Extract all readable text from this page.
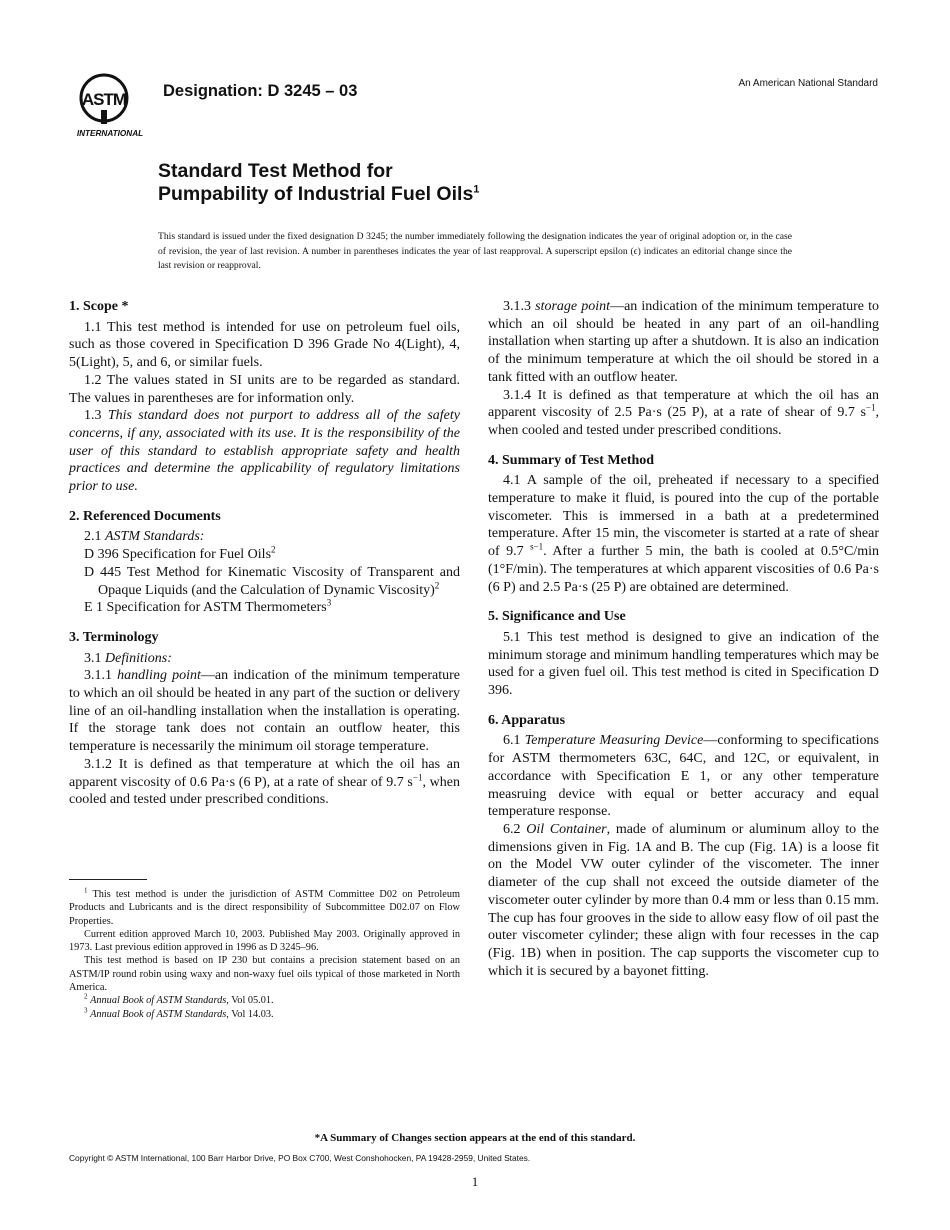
ASTM
INTERNATIONAL
Designation: D 3245 – 03	An American National Standard
Standard Test Method for
Pumpability of Industrial Fuel Oils$^1$
This standard is issued under the fixed designation D 3245; the number immediately following the designation indicates the year of original adoption or, in the case of revision, the year of last revision. A number in parentheses indicates the year of last reapproval. A superscript epsilon (ϵ) indicates an editorial change since the last revision or reapproval.
1. Scope *

1.1 This test method is intended for use on petroleum fuel oils, such as those covered in Specification D 396 Grade No 4(Light), 4, 5(Light), 5, and 6, or similar fuels.

1.2 The values stated in SI units are to be regarded as standard. The values in parentheses are for information only.

1.3 This standard does not purport to address all of the safety concerns, if any, associated with its use. It is the responsibility of the user of this standard to establish appropriate safety and health practices and determine the applicability of regulatory limitations prior to use.

2. Referenced Documents

2.1 ASTM Standards:

D 396 Specification for Fuel Oils$^2$

D 445 Test Method for Kinematic Viscosity of Transparent and Opaque Liquids (and the Calculation of Dynamic Viscosity)$^2$

E 1 Specification for ASTM Thermometers$^3$

3. Terminology

3.1 Definitions:

3.1.1 handling point—an indication of the minimum temperature to which an oil should be heated in any part of the suction or delivery line of an oil-handling installation when the installation is operating. If the storage tank does not contain an outflow heater, this temperature is necessarily the minimum oil storage temperature.

3.1.2 It is defined as that temperature at which the oil has an apparent viscosity of 0.6 Pa·s (6 P), at a rate of shear of 9.7 $s^{-1}$, when cooled and tested under prescribed conditions.

$^1$ This test method is under the jurisdiction of ASTM Committee D02 on Petroleum Products and Lubricants and is the direct responsibility of Subcommittee D02.07 on Flow Properties.

Current edition approved March 10, 2003. Published May 2003. Originally approved in 1973. Last previous edition approved in 1996 as D 3245–96.

This test method is based on IP 230 but contains a precision statement based on an ASTM/IP round robin using waxy and non-waxy fuel oils typical of those marketed in North America.

$^2$ Annual Book of ASTM Standards, Vol 05.01.

$^3$ Annual Book of ASTM Standards, Vol 14.03.

3.1.3 storage point—an indication of the minimum temperature to which an oil should be heated in any part of an oil-handling installation when starting up after a shutdown. It is also an indication of the minimum temperature at which the oil should be stored in a tank fitted with an outflow heater.

3.1.4 It is defined as that temperature at which the oil has an apparent viscosity of 2.5 Pa·s (25 P), at a rate of shear of 9.7 $s^{-1}$, when cooled and tested under prescribed conditions.

4. Summary of Test Method

4.1 A sample of the oil, preheated if necessary to a specified temperature to make it fluid, is poured into the cup of the portable viscometer. This is immersed in a bath at a predetermined temperature. After 15 min, the viscometer is started at a rate of shear of 9.7 $^{s-1}$. After a further 5 min, the bath is cooled at 0.5°C/min (1°F/min). The temperatures at which apparent viscosities of 0.6 Pa·s (6 P) and 2.5 Pa·s (25 P) are obtained are determined.

5. Significance and Use

5.1 This test method is designed to give an indication of the minimum storage and minimum handling temperatures which may be used for a given fuel oil. This test method is cited in Specification D 396.

6. Apparatus

6.1 Temperature Measuring Device—conforming to specifications for ASTM thermometers 63C, 64C, and 12C, or equivalent, in accordance with Specification E 1, or any other temperature measruing device with equal or better accuracy and equal temperature response.

6.2 Oil Container, made of aluminum or aluminum alloy to the dimensions given in Fig. 1A and B. The cup (Fig. 1A) is a loose fit on the Model VW outer cylinder of the viscometer. The inner diameter of the cup shall not exceed the outside diameter of the viscometer outer cylinder by more than 0.4 mm or less than 0.15 mm. The cup has four grooves in the side to allow easy flow of oil past the outer viscometer cylinder; these align with four recesses in the cap (Fig. 1B) when in position. The cap supports the viscometer cup to which it is secured by a bayonet fitting.

*A Summary of Changes section appears at the end of this standard.
Copyright © ASTM International, 100 Barr Harbor Drive, PO Box C700, West Conshohocken, PA 19428-2959, United States.
1
